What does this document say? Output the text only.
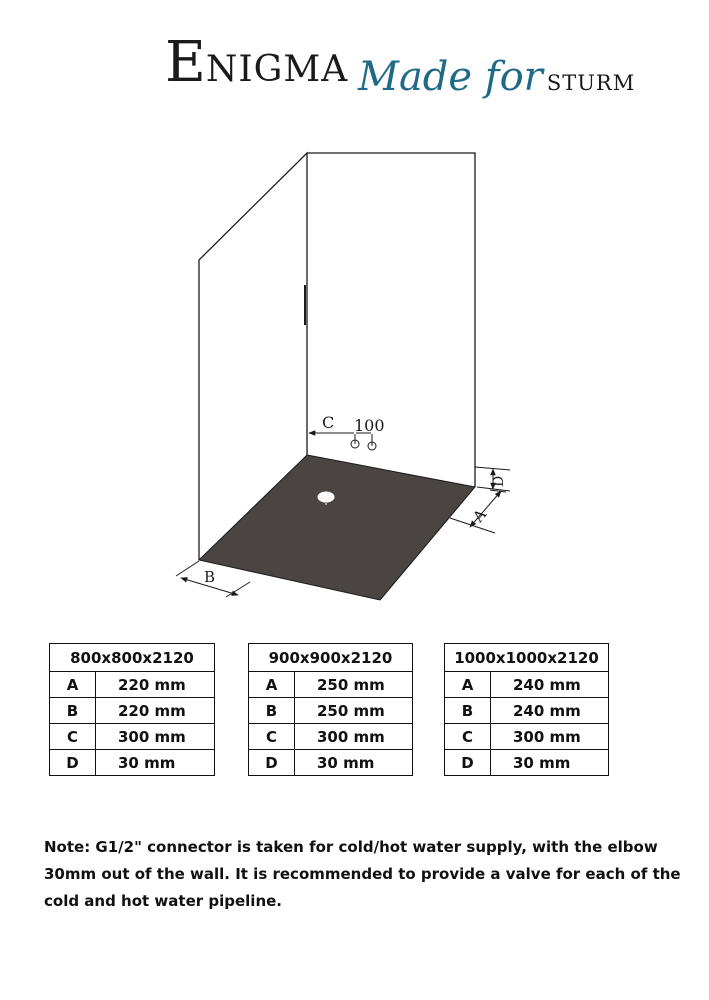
ENIGMA Made for STURM
C 100
D
A
B
800x800x2120	
A	220 mm
B	220 mm
C	300 mm
D	30 mm
900x900x2120	
A	250 mm
B	250 mm
C	300 mm
D	30 mm
1000x1000x2120	
A	240 mm
B	240 mm
C	300 mm
D	30 mm
Note: G1/2" connector is taken for cold/hot water supply, with the elbow 30mm out of the wall. It is recommended to provide a valve for each of the cold and hot water pipeline.
